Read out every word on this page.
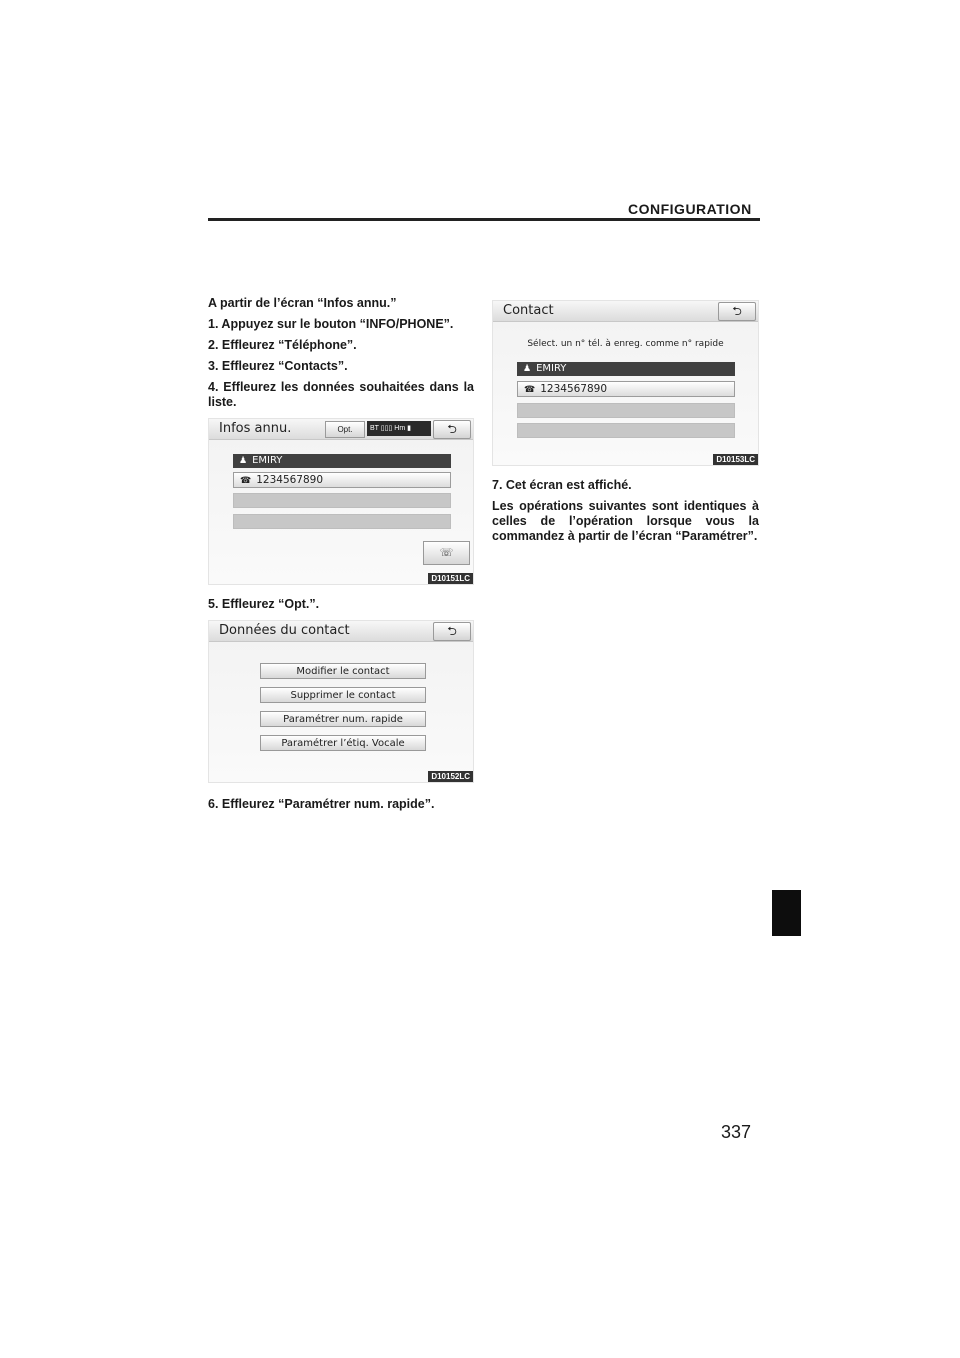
CONFIGURATION

A partir de l’écran “Infos annu.”

1. Appuyez sur le bouton “INFO/PHONE”.

2. Effleurez “Téléphone”.

3. Effleurez “Contacts”.

4. Effleurez les données souhaitées dans la liste.

Infos annu.	Opt.	BT ▯▯▯ Hm ▮	⮌
♟ EMIRY
☎ 1234567890
☏
D10151LC

5. Effleurez “Opt.”.

Données du contact	⮌
Modifier le contact
Supprimer le contact
Paramétrer num. rapide
Paramétrer l’étiq. Vocale
D10152LC

6. Effleurez “Paramétrer num. rapide”.

Contact	⮌
Sélect. un n° tél. à enreg. comme n° rapide
♟ EMIRY
☎ 1234567890
D10153LC

7. Cet écran est affiché.

Les opérations suivantes sont identiques à celles de l’opération lorsque vous la commandez à partir de l’écran “Paramétrer”.

337
